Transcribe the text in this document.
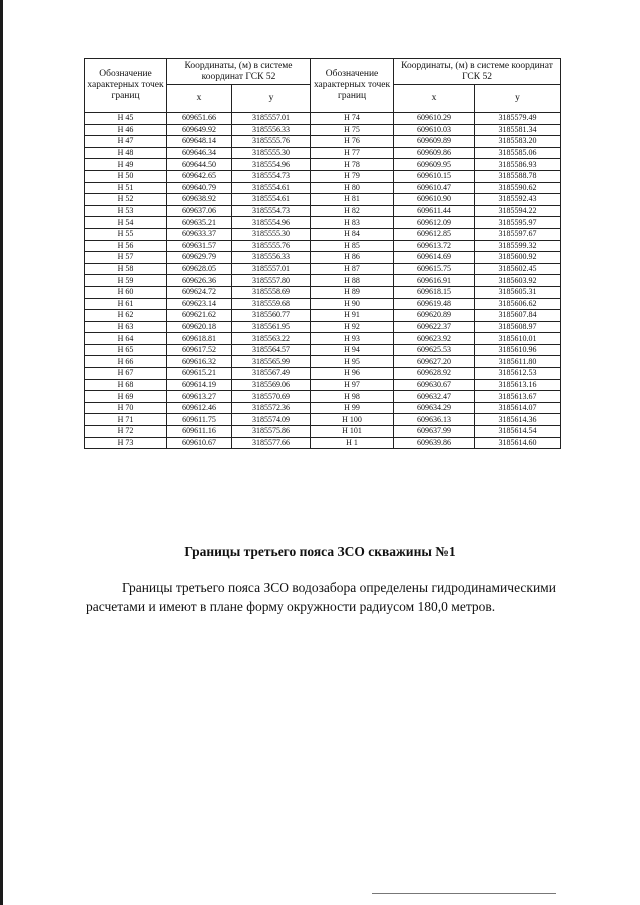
Обозначение характерных точек границ	Координаты, (м) в системе координат ГСК 52		Обозначение характерных точек границ	Координаты, (м) в системе координат ГСК 52	
	x	y		x	y
Н 45	609651.66	3185557.01	Н 74	609610.29	3185579.49
Н 46	609649.92	3185556.33	Н 75	609610.03	3185581.34
Н 47	609648.14	3185555.76	Н 76	609609.89	3185583.20
Н 48	609646.34	3185555.30	Н 77	609609.86	3185585.06
Н 49	609644.50	3185554.96	Н 78	609609.95	3185586.93
Н 50	609642.65	3185554.73	Н 79	609610.15	3185588.78
Н 51	609640.79	3185554.61	Н 80	609610.47	3185590.62
Н 52	609638.92	3185554.61	Н 81	609610.90	3185592.43
Н 53	609637.06	3185554.73	Н 82	609611.44	3185594.22
Н 54	609635.21	3185554.96	Н 83	609612.09	3185595.97
Н 55	609633.37	3185555.30	Н 84	609612.85	3185597.67
Н 56	609631.57	3185555.76	Н 85	609613.72	3185599.32
Н 57	609629.79	3185556.33	Н 86	609614.69	3185600.92
Н 58	609628.05	3185557.01	Н 87	609615.75	3185602.45
Н 59	609626.36	3185557.80	Н 88	609616.91	3185603.92
Н 60	609624.72	3185558.69	Н 89	609618.15	3185605.31
Н 61	609623.14	3185559.68	Н 90	609619.48	3185606.62
Н 62	609621.62	3185560.77	Н 91	609620.89	3185607.84
Н 63	609620.18	3185561.95	Н 92	609622.37	3185608.97
Н 64	609618.81	3185563.22	Н 93	609623.92	3185610.01
Н 65	609617.52	3185564.57	Н 94	609625.53	3185610.96
Н 66	609616.32	3185565.99	Н 95	609627.20	3185611.80
Н 67	609615.21	3185567.49	Н 96	609628.92	3185612.53
Н 68	609614.19	3185569.06	Н 97	609630.67	3185613.16
Н 69	609613.27	3185570.69	Н 98	609632.47	3185613.67
Н 70	609612.46	3185572.36	Н 99	609634.29	3185614.07
Н 71	609611.75	3185574.09	Н 100	609636.13	3185614.36
Н 72	609611.16	3185575.86	Н 101	609637.99	3185614.54
Н 73	609610.67	3185577.66	Н 1	609639.86	3185614.60
Границы третьего пояса ЗСО скважины №1
Границы третьего пояса ЗСО водозабора определены гидродинамическими расчетами и имеют в плане форму окружности радиусом 180,0 метров.
